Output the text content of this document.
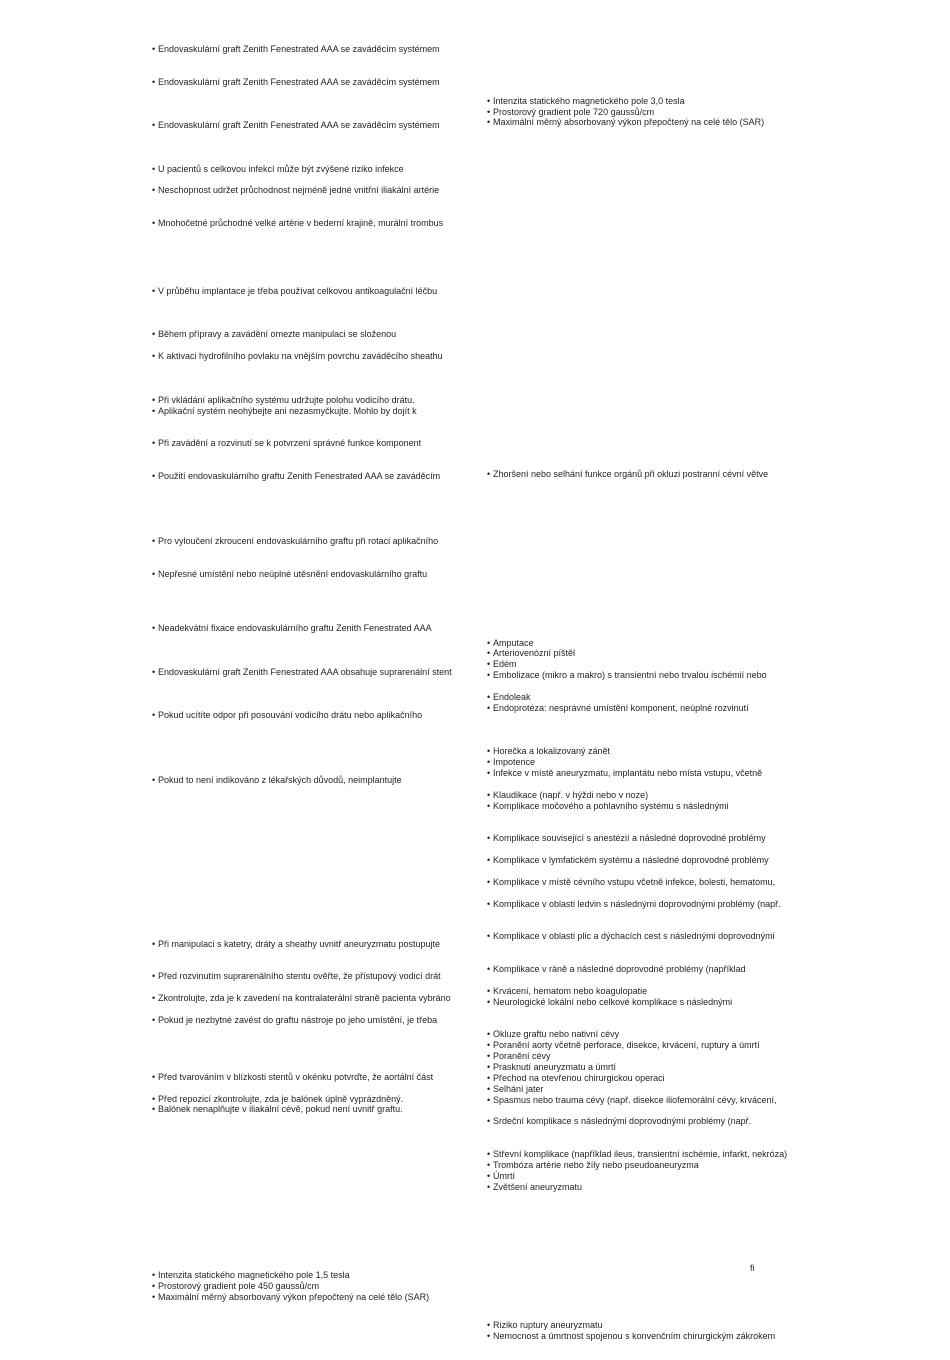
• Endovaskulární graft Zenith Fenestrated AAA se zaváděcím systémem
• Endovaskulární graft Zenith Fenestrated AAA se zaváděcím systémem
• Endovaskulární graft Zenith Fenestrated AAA se zaváděcím systémem
• U pacientů s celkovou infekcí může být zvýšené riziko infekce
• Neschopnost udržet průchodnost nejméně jedné vnitřní iliakální artérie
• Mnohočetné průchodné velké artérie v bederní krajině, murální trombus
• V průběhu implantace je třeba používat celkovou antikoagulační léčbu
• Během přípravy a zavádění omezte manipulaci se složenou
• K aktivaci hydrofilního povlaku na vnějším povrchu zaváděcího sheathu
• Při vkládání aplikačního systému udržujte polohu vodicího drátu.
• Aplikační systém neohýbejte ani nezasmyčkujte. Mohlo by dojít k
• Při zavádění a rozvinutí se k potvrzení správné funkce komponent
• Použití endovaskulárního graftu Zenith Fenestrated AAA se zaváděcím
• Pro vyloučení zkroucení endovaskulárního graftu při rotaci aplikačního
• Nepřesné umístění nebo neúplné utěsnění endovaskulárního graftu
• Neadekvátní fixace endovaskulárního graftu Zenith Fenestrated AAA
• Endovaskulární graft Zenith Fenestrated AAA obsahuje suprarenální stent
• Pokud ucítíte odpor při posouvání vodicího drátu nebo aplikačního
• Pokud to není indikováno z lékařských důvodů, neimplantujte
• Při manipulaci s katetry, dráty a sheathy uvnitř aneuryzmatu postupujte
• Před rozvinutím suprarenálního stentu ověřte, že přístupový vodicí drát
• Zkontrolujte, zda je k zavedení na kontralaterální straně pacienta vybráno
• Pokud je nezbytné zavést do graftu nástroje po jeho umístění, je třeba
• Před tvarováním v blízkosti stentů v okénku potvrďte, že aortální část
• Před repozicí zkontrolujte, zda je balónek úplně vyprázdněný.
• Balónek nenaplňujte v iliakální cévě, pokud není uvnitř graftu.
• Intenzita statického magnetického pole 1,5 tesla
• Prostorový gradient pole 450 gaussů/cm
• Maximální měrný absorbovaný výkon přepočtený na celé tělo (SAR)
• Intenzita statického magnetického pole 3,0 tesla
• Prostorový gradient pole 720 gaussů/cm
• Maximální měrný absorbovaný výkon přepočtený na celé tělo (SAR)
• Zhoršení nebo selhání funkce orgánů při okluzi postranní cévní větve
• Amputace
• Arteriovenózní píštěl
• Edém
• Embolizace (mikro a makro) s transientní nebo trvalou ischémií nebo
• Endoleak
• Endoprotéza: nesprávné umístění komponent, neúplné rozvinutí
• Horečka a lokalizovaný zánět
• Impotence
• Infekce v místě aneuryzmatu, implantátu nebo místa vstupu, včetně
• Klaudikace (např. v hýždi nebo v noze)
• Komplikace močového a pohlavního systému s následnými
• Komplikace související s anestézií a následné doprovodné problémy
• Komplikace v lymfatickém systému a následné doprovodné problémy
• Komplikace v místě cévního vstupu včetně infekce, bolesti, hematomu,
• Komplikace v oblasti ledvin s následnými doprovodnými problémy (např.
• Komplikace v oblasti plic a dýchacích cest s následnými doprovodnými
• Komplikace v ráně a následné doprovodné problémy (například
• Krvácení, hematom nebo koagulopatie
• Neurologické lokální nebo celkové komplikace s následnými
• Okluze graftu nebo nativní cévy
• Poranění aorty včetně perforace, disekce, krvácení, ruptury a úmrtí
• Poranění cévy
• Prasknutí aneuryzmatu a úmrtí
• Přechod na otevřenou chirurgickou operaci
• Selhání jater
• Spasmus nebo trauma cévy (např. disekce iliofemorální cévy, krvácení,
• Srdeční komplikace s následnými doprovodnými problémy (např.
• Střevní komplikace (například ileus, transientní ischémie, infarkt, nekróza)
• Trombóza artérie nebo žíly nebo pseudoaneuryzma
• Úmrtí
• Zvětšení aneuryzmatu
• Riziko ruptury aneuryzmatu
• Nemocnost a úmrtnost spojenou s konvenčním chirurgickým zákrokem
ﬁ
